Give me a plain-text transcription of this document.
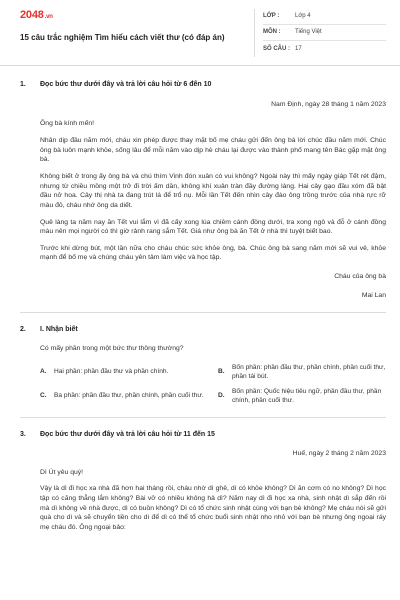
2048.vn
15 câu trắc nghiệm Tìm hiểu cách viết thư (có đáp án)
LỚP :	Lớp 4
MÔN :	Tiếng Việt
SỐ CÂU : 17
1.	Đọc bức thư dưới đây và trả lời câu hỏi từ 6 đến 10
Nam Định, ngày 28 tháng 1 năm 2023
Ông bà kính mến!
Nhân dịp đầu năm mới, cháu xin phép được thay mặt bố mẹ cháu gửi đến ông bà lời chúc đầu năm mới. Chúc ông bà luôn mạnh khỏe, sống lâu để mỗi năm vào dịp hè cháu lại được vào thành phố mang tên Bác gặp mặt ông bà.
Không biết ở trong ấy ông bà và chú thím Vinh đón xuân có vui không? Ngoài này thì mấy ngày giáp Tết rét đậm, nhưng từ chiều mồng một trở đi trời ấm dần, không khí xuân tràn đầy đường làng. Hai cây gạo đầu xóm đã bật đầu nở hoa. Cây thị nhà ta đang trút lá để trổ nụ. Mỗi lần Tết đến nhìn cây đào ông trồng trước của nhà rực rỡ màu đỏ, cháu nhớ ông da diết.
Quê làng ta năm nay ăn Tết vui lắm vì đã cấy xong lúa chiêm cánh đồng dưới, tra xong ngô và đỗ ở cánh đồng màu nên mọi người có thì giờ rảnh rang sắm Tết. Giá như ông bà ăn Tết ở nhà thì tuyệt biết bao.
Trước khi dừng bút, một lần nữa cho cháu chúc sức khỏe ông, bà. Chúc ông bà sang năm mới sẽ vui vẻ, khỏe mạnh để bố mẹ và chúng cháu yên tâm làm việc và học tập.
Cháu của ông bà
Mai Lan
2.	I. Nhận biết
Có mấy phần trong một bức thư thông thường?
A.	Hai phần: phần đầu thư và phần chính.	B.
Bốn phần: phần đầu thư, phần chính, phần cuối thư, phần tái bút.
C.	Ba phần: phần đầu thư, phần chính, phần cuối thư. D.
Bốn phần: Quốc hiệu tiêu ngữ, phần đầu thư, phần chính, phần cuối thư.
3.	Đọc bức thư dưới đây và trả lời câu hỏi từ 11 đến 15
Huế, ngày 2 tháng 2 năm 2023
Dì Út yêu quý!
Vậy là dì đi học xa nhà đã hơn hai tháng rồi, cháu nhớ dì ghê, dì có khỏe không? Dì ăn cơm có no không? Dì học tập có căng thẳng lắm không? Bài vở có nhiều không hả dì? Năm nay dì đi học xa nhà, sinh nhật dì sắp đến rồi mà dì không về nhà được, dì có buồn không? Dì có tổ chức sinh nhật cùng với bạn bè không? Mẹ cháu nói sẽ gửi quà cho dì và sẽ chuyển tiền cho dì để dì có thể tổ chức buổi sinh nhật nho nhỏ với bạn bè nhưng ông ngoại ráy mẹ cháu đó. Ông ngoại bảo:
